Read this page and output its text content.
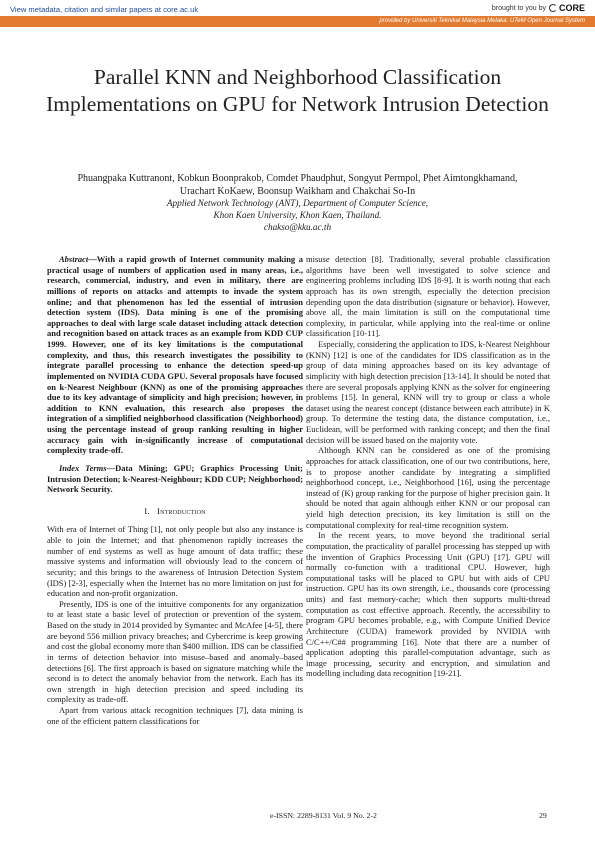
View metadata, citation and similar papers at core.ac.uk	brought to you by CORE
provided by Universiti Teknikal Malaysia Melaka: UTeM Open Journal System
Parallel KNN and Neighborhood Classification Implementations on GPU for Network Intrusion Detection
Phuangpaka Kuttranont, Kobkun Boonprakob, Comdet Phaudphut, Songyut Permpol, Phet Aimtongkhamand,
Urachart KoKaew, Boonsup Waikham and Chakchai So-In
Applied Network Technology (ANT), Department of Computer Science,
Khon Kaen University, Khon Kaen, Thailand.
chakso@kku.ac.th

Abstract—With a rapid growth of Internet community making a practical usage of numbers of application used in many areas, i.e., research, commercial, industry, and even in military, there are millions of reports on attacks and attempts to invade the system online; and that phenomenon has led the essential of intrusion detection system (IDS). Data mining is one of the promising approaches to deal with large scale dataset including attack detection and recognition based on attack traces as an example from KDD CUP 1999. However, one of its key limitations is the computational complexity, and thus, this research investigates the possibility to integrate parallel processing to enhance the detection speed-up implemented on NVIDIA CUDA GPU. Several proposals have focused on k-Nearest Neighbour (KNN) as one of the promising approaches due to its key advantage of simplicity and high precision; however, in addition to KNN evaluation, this research also proposes the integration of a simplified neighborhood classification (Neighborhood) using the percentage instead of group ranking resulting in higher accuracy gain with in-significantly increase of computational complexity trade-off.

Index Terms—Data Mining; GPU; Graphics Processing Unit; Intrusion Detection; k-Nearest-Neighbour; KDD CUP; Neighborhood; Network Security.

I. Introduction

With era of Internet of Thing [1], not only people but also any instance is able to join the Internet; and that phenomenon rapidly increases the number of end systems as well as huge amount of data traffic; these massive systems and information will obviously lead to the concern of security; and this brings to the awareness of Intrusion Detection System (IDS) [2-3], especially when the Internet has no more limitation on just for education and non-profit organization.

Presently, IDS is one of the intuitive components for any organization to at least state a basic level of protection or prevention of the system. Based on the study in 2014 provided by Symantec and McAfee [4-5], there are beyond 556 million privacy breaches; and Cybercrime is keep growing and cost the global economy more than $400 million. IDS can be classified in terms of detection behavior into misuse–based and anomaly–based detections [6]. The first approach is based on signature matching while the second is to detect the anomaly behavior from the network. Each has its own strength in high detection precision and speed including its complexity as trade-off.

Apart from various attack recognition techniques [7], data mining is one of the efficient pattern classifications for

misuse detection [8]. Traditionally, several probable classification algorithms have been well investigated to solve science and engineering problems including IDS [8-9]. It is worth noting that each approach has its own strength, especially the detection precision depending upon the data distribution (signature or behavior). However, above all, the main limitation is still on the computational time complexity, in particular, while applying into the real-time or online classification [10-11].

Especially, considering the application to IDS, k-Nearest Neighbour (KNN) [12] is one of the candidates for IDS classification as in the group of data mining approaches based on its key advantage of simplicity with high detection precision [13-14]. It should be noted that there are several proposals applying KNN as the solver for engineering problems [15]. In general, KNN will try to group or class a whole dataset using the nearest concept (distance between each attribute) in K group. To determine the testing data, the distance computation, i.e., Euclidean, will be performed with ranking concept; and then the final decision will be issued based on the majority vote.

Although KNN can be considered as one of the promising approaches for attack classification, one of our two contributions, here, is to propose another candidate by integrating a simplified neighborhood concept, i.e., Neighborhood [16], using the percentage instead of (K) group ranking for the purpose of higher precision gain. It should be noted that again although either KNN or our proposal can yield high detection precision, its key limitation is still on the computational complexity for real-time recognition system.

In the recent years, to move beyond the traditional serial computation, the practicality of parallel processing has stepped up with the invention of Graphics Processing Unit (GPU) [17]. GPU will normally co-function with a traditional CPU. However, high computational tasks will be placed to GPU but with aids of CPU instruction. GPU has its own strength, i.e., thousands core (processing units) and fast memory-cache; which then supports multi-thread computation as cost effective approach. Recently, the accessibility to program GPU becomes probable, e.g., with Compute Unified Device Architecture (CUDA) framework provided by NVIDIA with C/C++/C## programming [16]. Note that there are a number of application adopting this parallel-computation advantage, such as image processing, security and encryption, and simulation and modelling including data recognition [19-21].

e-ISSN: 2289-8131 Vol. 9 No. 2-2	29
